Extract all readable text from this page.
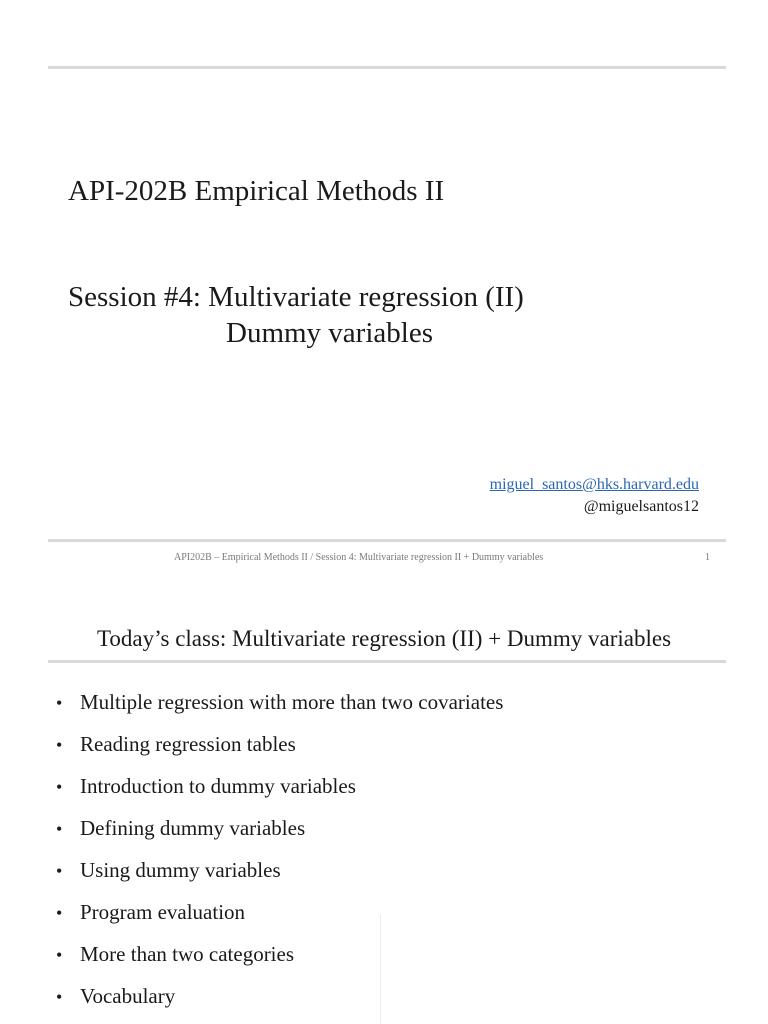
API-202B Empirical Methods II
Session #4: Multivariate regression (II)
Dummy variables
miguel_santos@hks.harvard.edu
@miguelsantos12
API202B – Empirical Methods II / Session 4: Multivariate regression II + Dummy variables	1
Today’s class: Multivariate regression (II) + Dummy variables
• Multiple regression with more than two covariates
• Reading regression tables
• Introduction to dummy variables
• Defining dummy variables
• Using dummy variables
• Program evaluation
• More than two categories
• Vocabulary
